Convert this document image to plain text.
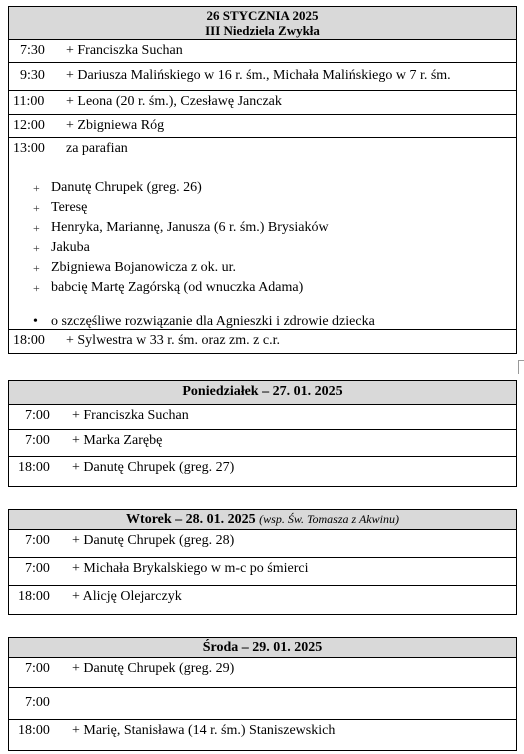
26 STYCZNIA 2025
III Niedziela Zwykła
7:30 + Franciszka Suchan
9:30 + Dariusza Malińskiego w 16 r. śm., Michała Malińskiego w 7 r. śm.
11:00 + Leona (20 r. śm.), Czesławę Janczak
12:00 + Zbigniewa Róg
13:00 za parafian
+ Danutę Chrupek (greg. 26)
+ Teresę
+ Henryka, Mariannę, Janusza (6 r. śm.) Brysiaków
+ Jakuba
+ Zbigniewa Bojanowicza z ok. ur.
+ babcię Martę Zagórską (od wnuczka Adama)
• o szczęśliwe rozwiązanie dla Agnieszki i zdrowie dziecka
18:00 + Sylwestra w 33 r. śm. oraz zm. z c.r.
Poniedziałek – 27. 01. 2025
7:00 + Franciszka Suchan
7:00 + Marka Zarębę
18:00 + Danutę Chrupek (greg. 27)
Wtorek – 28. 01. 2025 (wsp. Św. Tomasza z Akwinu)
7:00 + Danutę Chrupek (greg. 28)
7:00 + Michała Brykalskiego w m-c po śmierci
18:00 + Alicję Olejarczyk
Środa – 29. 01. 2025
7:00 + Danutę Chrupek (greg. 29)
7:00
18:00 + Marię, Stanisława (14 r. śm.) Staniszewskich
